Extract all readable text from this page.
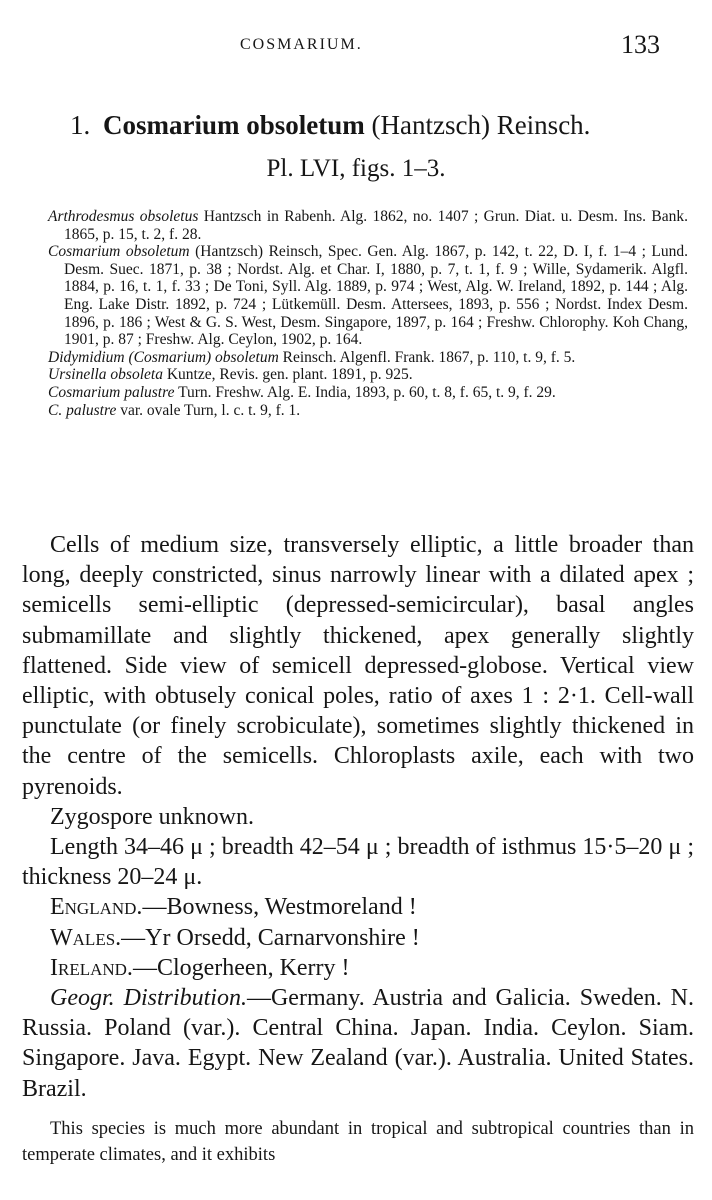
COSMARIUM.	133
1. Cosmarium obsoletum (Hantzsch) Reinsch.
Pl. LVI, figs. 1–3.

Arthrodesmus obsoletus Hantzsch in Rabenh. Alg. 1862, no. 1407 ; Grun. Diat. u. Desm. Ins. Bank. 1865, p. 15, t. 2, f. 28.

Cosmarium obsoletum (Hantzsch) Reinsch, Spec. Gen. Alg. 1867, p. 142, t. 22, D. I, f. 1–4 ; Lund. Desm. Suec. 1871, p. 38 ; Nordst. Alg. et Char. I, 1880, p. 7, t. 1, f. 9 ; Wille, Sydamerik. Algfl. 1884, p. 16, t. 1, f. 33 ; De Toni, Syll. Alg. 1889, p. 974 ; West, Alg. W. Ireland, 1892, p. 144 ; Alg. Eng. Lake Distr. 1892, p. 724 ; Lütkemüll. Desm. Attersees, 1893, p. 556 ; Nordst. Index Desm. 1896, p. 186 ; West & G. S. West, Desm. Singapore, 1897, p. 164 ; Freshw. Chlorophy. Koh Chang, 1901, p. 87 ; Freshw. Alg. Ceylon, 1902, p. 164.

Didymidium (Cosmarium) obsoletum Reinsch. Algenfl. Frank. 1867, p. 110, t. 9, f. 5.

Ursinella obsoleta Kuntze, Revis. gen. plant. 1891, p. 925.

Cosmarium palustre Turn. Freshw. Alg. E. India, 1893, p. 60, t. 8, f. 65, t. 9, f. 29.

C. palustre var. ovale Turn, l. c. t. 9, f. 1.

Cells of medium size, transversely elliptic, a little broader than long, deeply constricted, sinus narrowly linear with a dilated apex ; semicells semi-elliptic (depressed-semicircular), basal angles submamillate and slightly thickened, apex generally slightly flattened. Side view of semicell depressed-globose. Vertical view elliptic, with obtusely conical poles, ratio of axes 1 : 2·1. Cell-wall punctulate (or finely scrobiculate), sometimes slightly thickened in the centre of the semicells. Chloroplasts axile, each with two pyrenoids.

Zygospore unknown.

Length 34–46 μ ; breadth 42–54 μ ; breadth of isthmus 15·5–20 μ ; thickness 20–24 μ.

England.—Bowness, Westmoreland !

Wales.—Yr Orsedd, Carnarvonshire !

Ireland.—Clogerheen, Kerry !

Geogr. Distribution.—Germany. Austria and Galicia. Sweden. N. Russia. Poland (var.). Central China. Japan. India. Ceylon. Siam. Singapore. Java. Egypt. New Zealand (var.). Australia. United States. Brazil.

This species is much more abundant in tropical and subtropical countries than in temperate climates, and it exhibits
